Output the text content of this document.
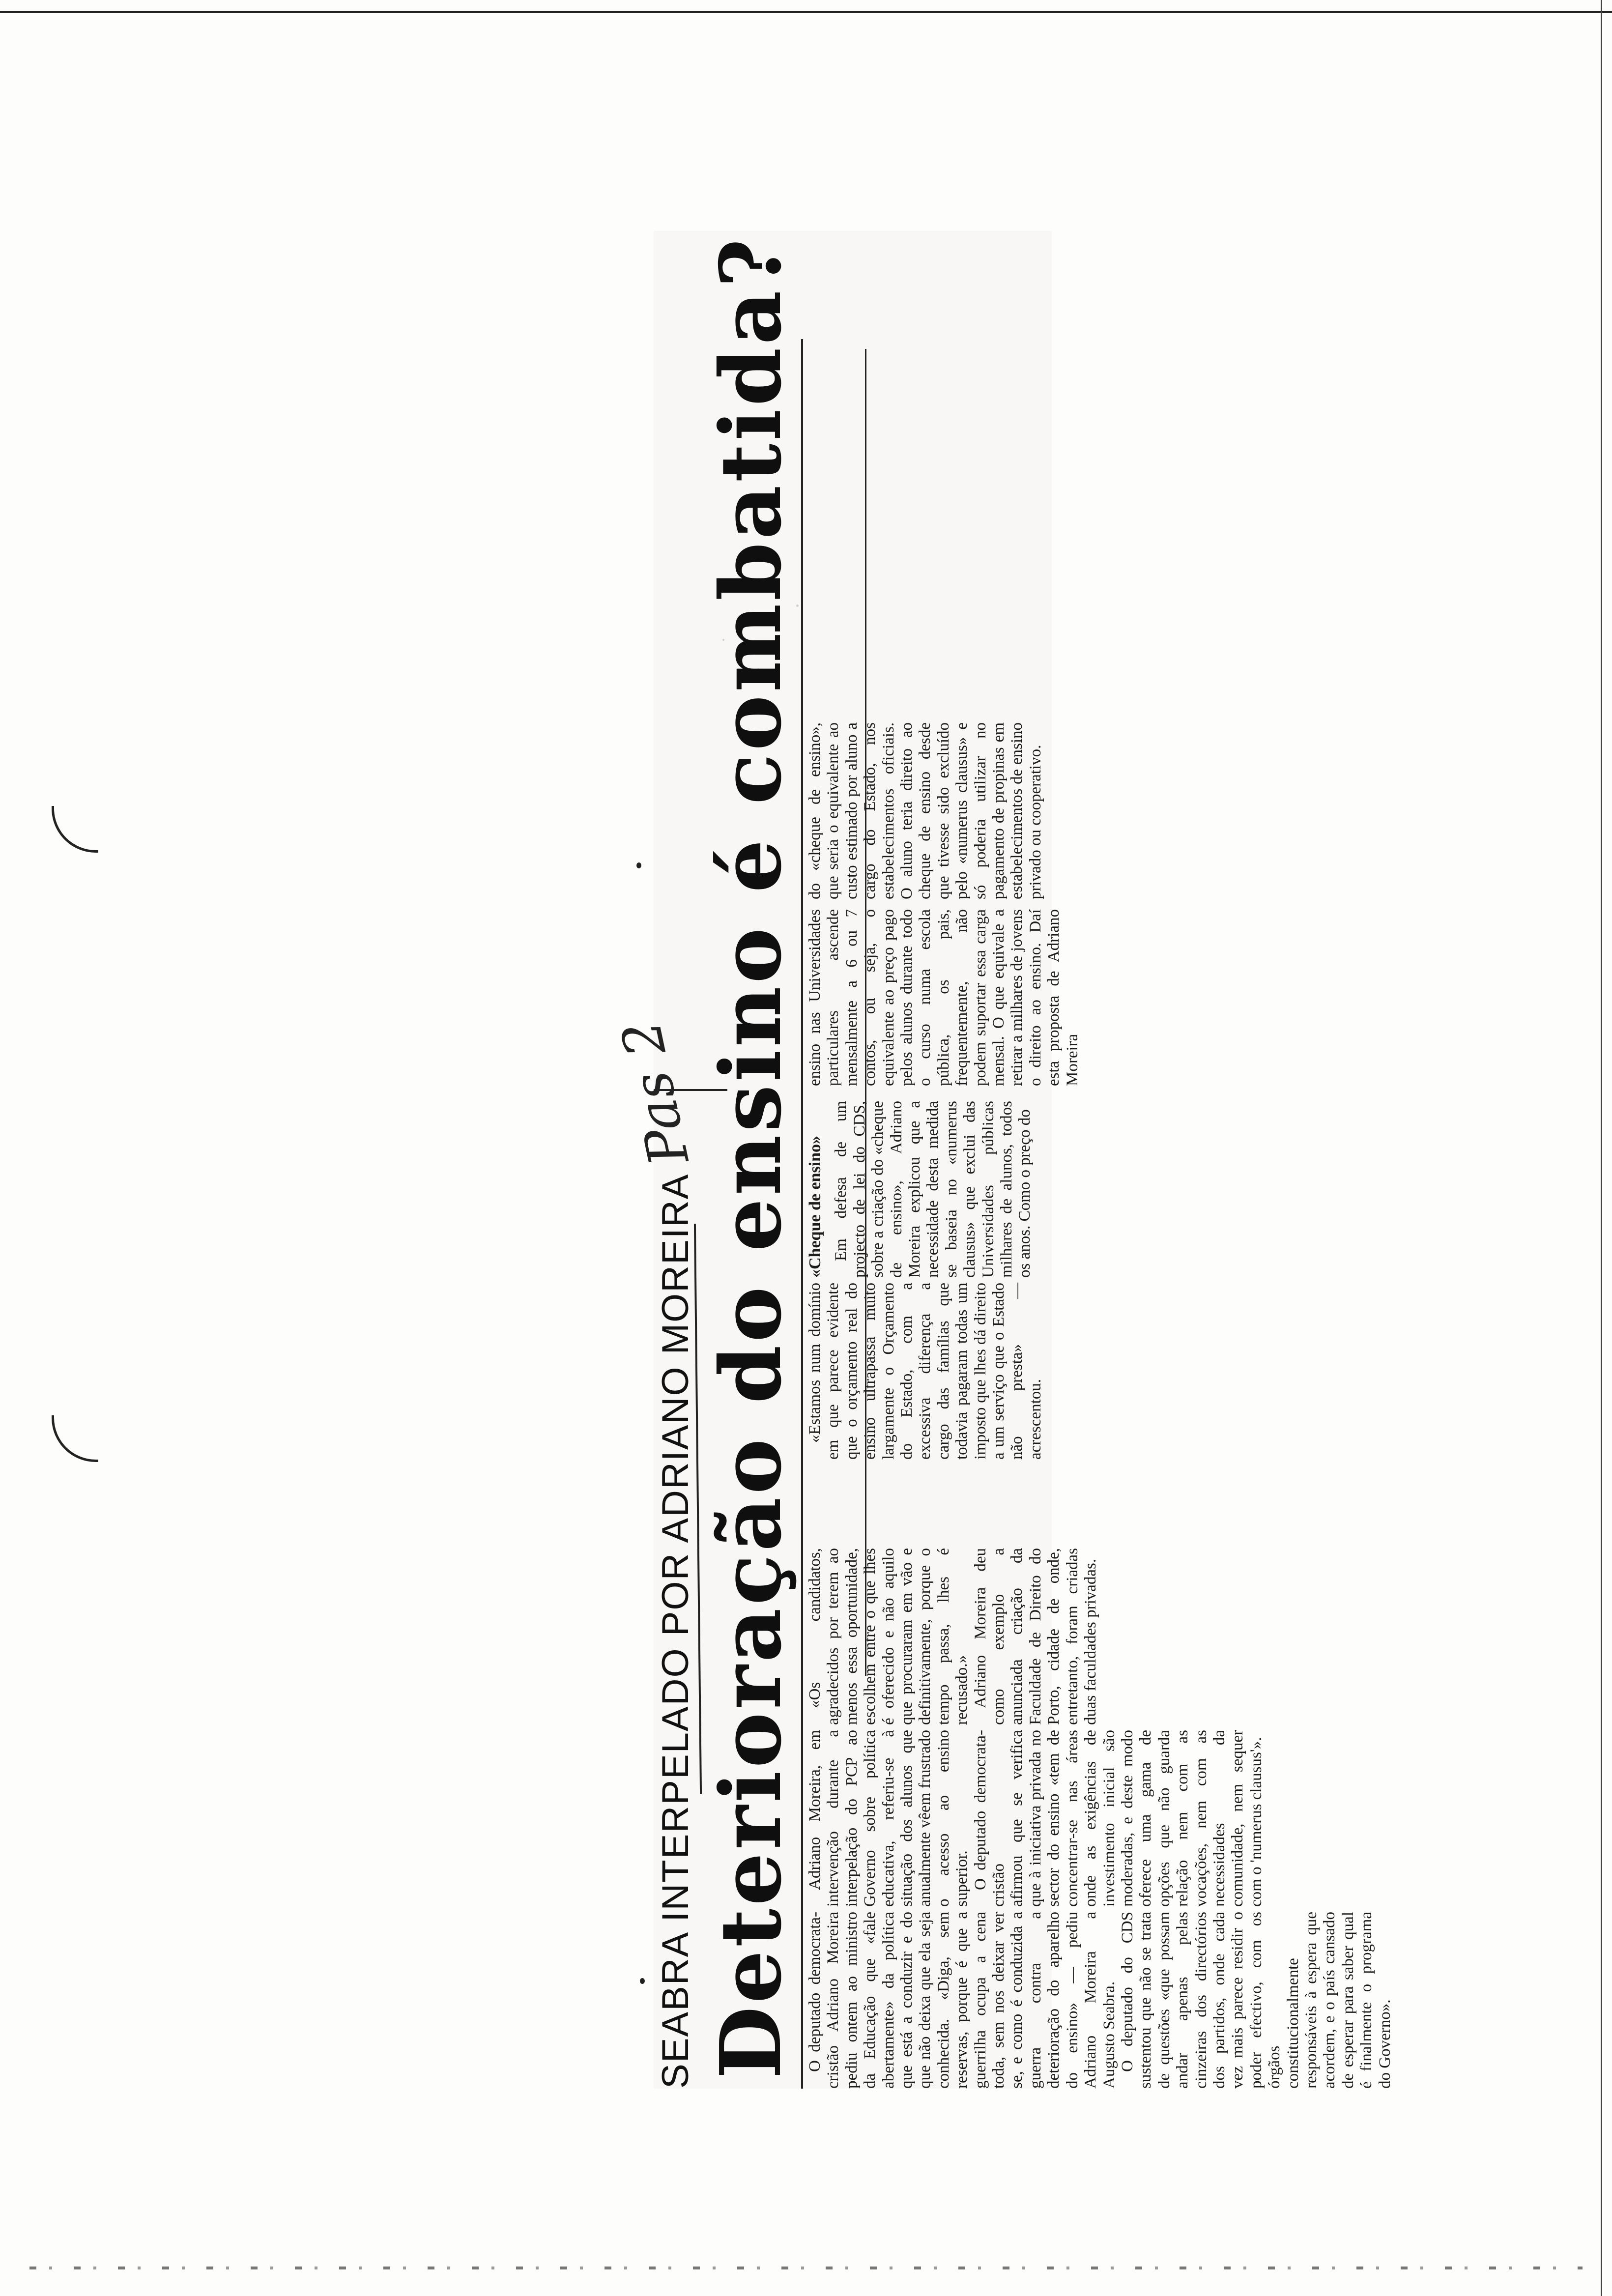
SEABRA INTERPELADO POR ADRIANO MOREIRA
Pas 2 Deterioração do ensino é combatida? O deputado democrata-cristão Adriano Moreira pediu ontem ao ministro da Educação que «fale abertamente» da política que está a conduzir e do que não deixa que ela seja conhecida. «Diga, sem reservas, porque é que a guerrilha ocupa a cena toda, sem nos deixar ver se, e como é conduzida a guerra contra a deterioração do aparelho do ensino» — pediu Adriano Moreira a Augusto Seabra. O deputado do CDS sustentou que não se trata de questões «que possam andar apenas pelas cinzeiras dos directórios dos partidos, onde cada vez mais parece residir o poder efectivo, com os órgãos constitucionalmente responsáveis à espera que acordem, e o país cansado de esperar para saber qual é finalmente o programa do Governo».

Adriano Moreira, em intervenção durante a interpelação do PCP ao Governo sobre política educativa, referiu-se à situação dos alunos que anualmente vêem frustrado o acesso ao ensino superior. O deputado democrata-cristão afirmou que se verifica que à iniciativa privada no sector do ensino «tem de concentrar-se nas áreas onde as exigências de investimento inicial são moderadas, e deste modo oferece uma gama de opções que não guarda relação nem com as vocações, nem com as necessidades da comunidade, nem sequer com o 'numerus clausus'».

«Os candidatos, agradecidos por terem ao menos essa oportunidade, escolhem entre o que lhes é oferecido e não aquilo que procuraram em vão e definitivamente, porque o tempo passa, lhes é recusado.» Adriano Moreira deu como exemplo a anunciada criação da Faculdade de Direito do Porto, cidade de onde, entretanto, foram criadas duas faculdades privadas.

«Estamos num domínio em que parece evidente que o orçamento real do ensino ultrapassa muito largamente o Orçamento do Estado, com a excessiva diferença a cargo das famílias que todavia pagaram todas um imposto que lhes dá direito a um serviço que o Estado não presta» — acrescentou.

«Cheque de ensino» Em defesa de um projecto de lei do CDS, sobre a criação do «cheque de ensino», Adriano Moreira explicou que a necessidade desta medida se baseia no «numerus clausus» que exclui das Universidades públicas milhares de alunos, todos os anos. Como o preço do

ensino nas Universidades particulares ascende mensalmente a 6 ou 7 contos, ou seja, o equivalente ao preço pago pelos alunos durante todo o curso numa escola pública, os pais, frequentemente, não podem suportar essa carga mensal. O que equivale a retirar a milhares de jovens o direito ao ensino. Daí esta proposta de Adriano Moreira

do «cheque de ensino», que seria o equivalente ao custo estimado por aluno a cargo do Estado, nos estabelecimentos oficiais. O aluno teria direito ao cheque de ensino desde que tivesse sido excluído pelo «numerus clausus» e só poderia utilizar no pagamento de propinas em estabelecimentos de ensino privado ou cooperativo.
